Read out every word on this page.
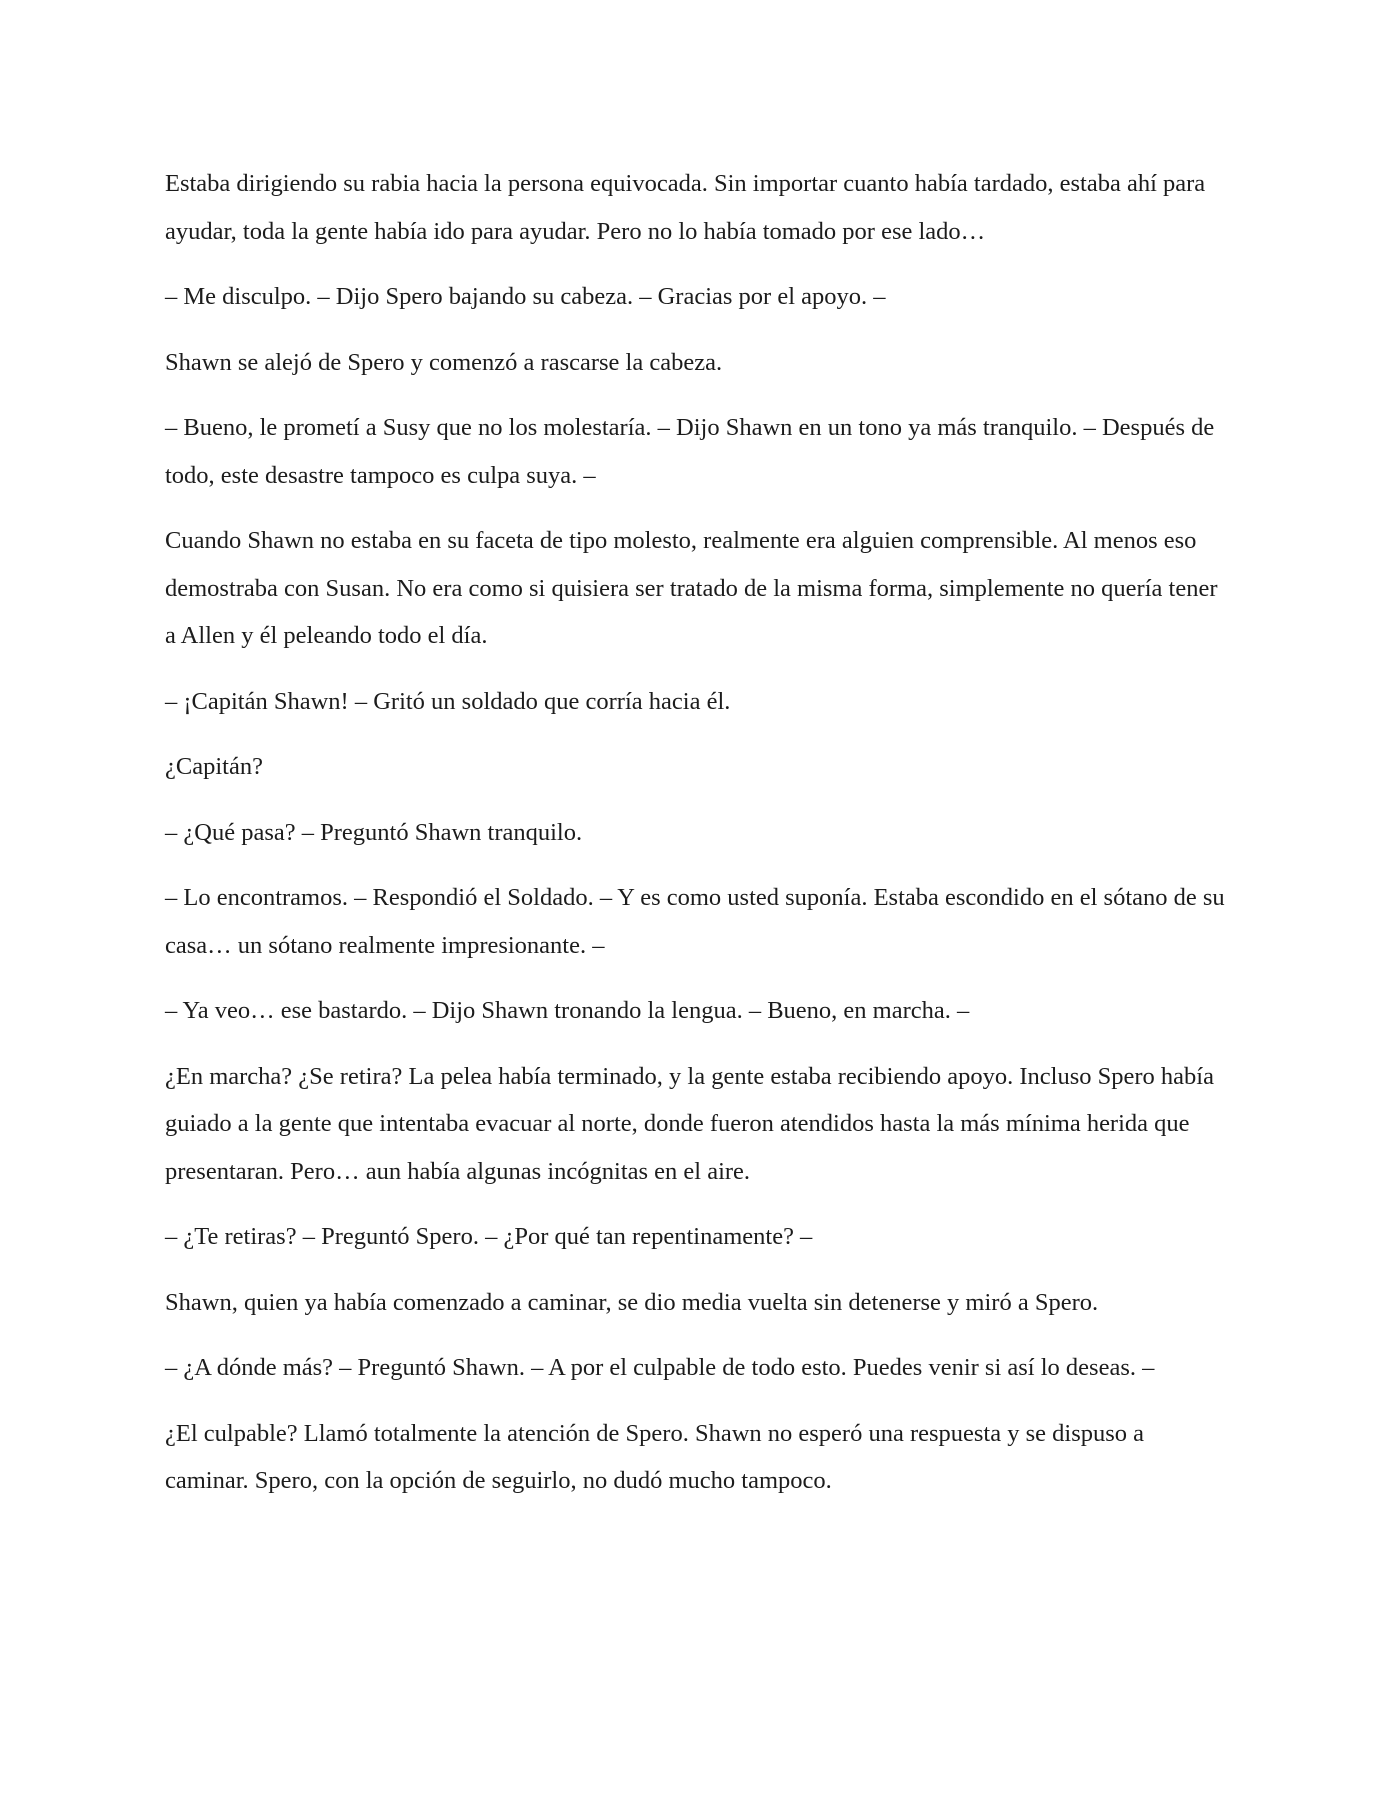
Estaba dirigiendo su rabia hacia la persona equivocada. Sin importar cuanto había tardado, estaba ahí para ayudar, toda la gente había ido para ayudar. Pero no lo había tomado por ese lado…

– Me disculpo. – Dijo Spero bajando su cabeza. – Gracias por el apoyo. –

Shawn se alejó de Spero y comenzó a rascarse la cabeza.

– Bueno, le prometí a Susy que no los molestaría. – Dijo Shawn en un tono ya más tranquilo. – Después de todo, este desastre tampoco es culpa suya. –

Cuando Shawn no estaba en su faceta de tipo molesto, realmente era alguien comprensible. Al menos eso demostraba con Susan. No era como si quisiera ser tratado de la misma forma, simplemente no quería tener a Allen y él peleando todo el día.

– ¡Capitán Shawn! – Gritó un soldado que corría hacia él.

¿Capitán?

– ¿Qué pasa? – Preguntó Shawn tranquilo.

– Lo encontramos. – Respondió el Soldado. – Y es como usted suponía. Estaba escondido en el sótano de su casa… un sótano realmente impresionante. –

– Ya veo… ese bastardo. – Dijo Shawn tronando la lengua. – Bueno, en marcha. –

¿En marcha? ¿Se retira? La pelea había terminado, y la gente estaba recibiendo apoyo. Incluso Spero había guiado a la gente que intentaba evacuar al norte, donde fueron atendidos hasta la más mínima herida que presentaran. Pero… aun había algunas incógnitas en el aire.

– ¿Te retiras? – Preguntó Spero. – ¿Por qué tan repentinamente? –

Shawn, quien ya había comenzado a caminar, se dio media vuelta sin detenerse y miró a Spero.

– ¿A dónde más? – Preguntó Shawn. – A por el culpable de todo esto. Puedes venir si así lo deseas. –

¿El culpable? Llamó totalmente la atención de Spero. Shawn no esperó una respuesta y se dispuso a caminar. Spero, con la opción de seguirlo, no dudó mucho tampoco.
